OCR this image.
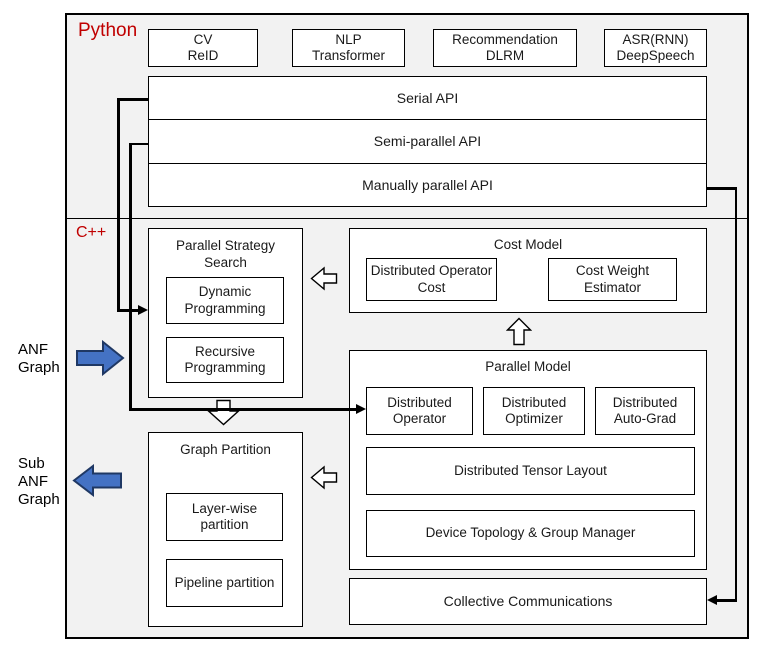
Python
C++
CV
ReID
NLP
Transformer
Recommendation
DLRM
ASR(RNN)
DeepSpeech
Serial API
Semi-parallel API
Manually parallel API
Parallel Strategy Search
Dynamic Programming
Recursive Programming
Cost Model
Distributed Operator Cost
Cost Weight Estimator
Parallel Model
Distributed Operator
Distributed Optimizer
Distributed Auto-Grad
Distributed Tensor Layout
Device Topology & Group Manager
Graph Partition
Layer-wise partition
Pipeline partition
Collective Communications
ANF
Graph
Sub
ANF
Graph
